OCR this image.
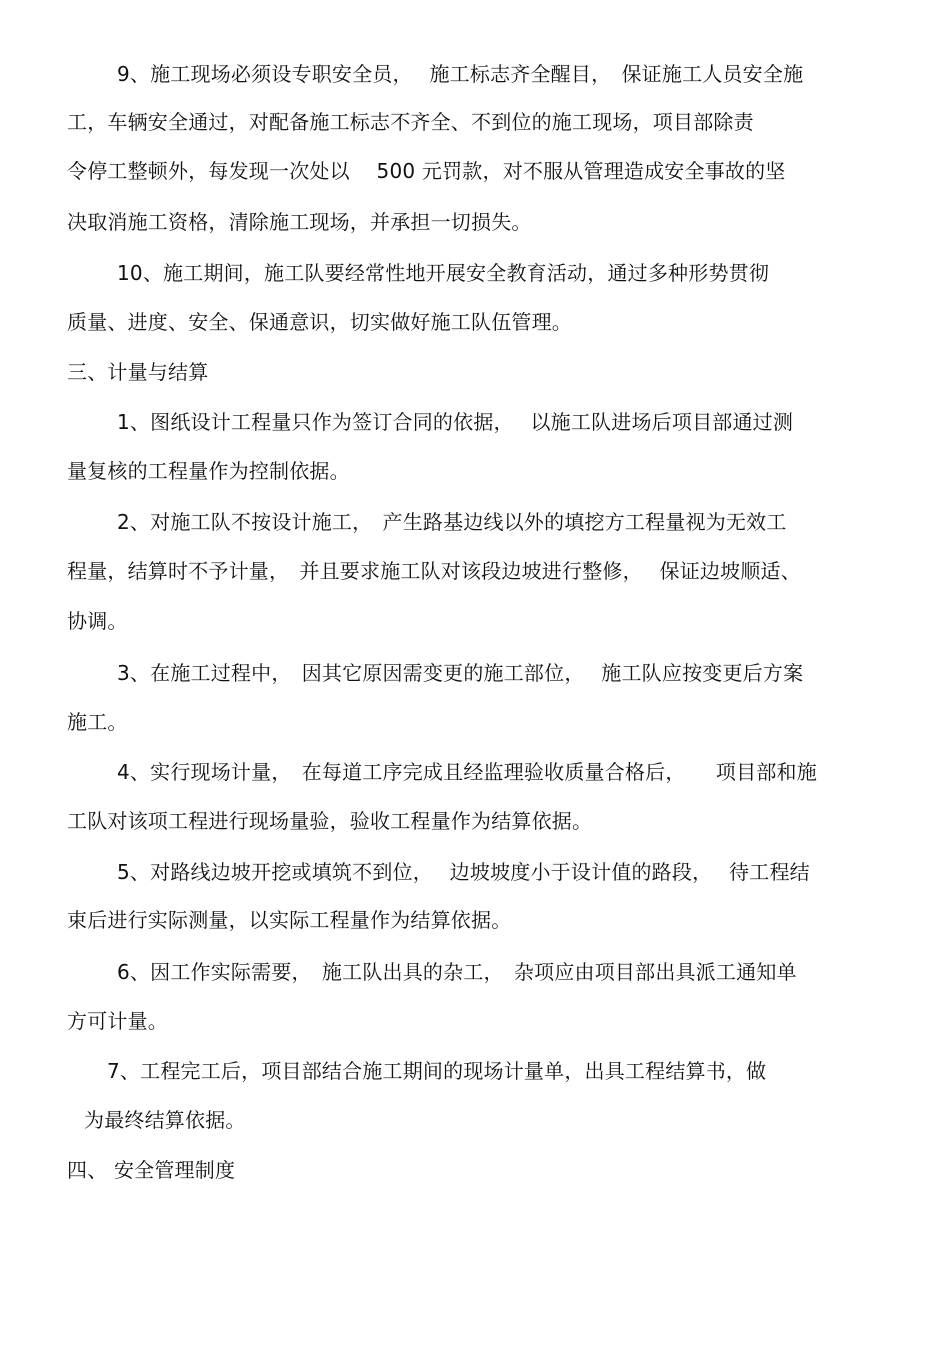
9、施工现场必须设专职安全员，　 施工标志齐全醒目，　保证施工人员安全施
工，车辆安全通过，对配备施工标志不齐全、不到位的施工现场，项目部除责
令停工整顿外，每发现一次处以　 500 元罚款，对不服从管理造成安全事故的坚
决取消施工资格，清除施工现场，并承担一切损失。
10、施工期间，施工队要经常性地开展安全教育活动，通过多种形势贯彻
质量、进度、安全、保通意识，切实做好施工队伍管理。
三、计量与结算
1、图纸设计工程量只作为签订合同的依据，　 以施工队进场后项目部通过测
量复核的工程量作为控制依据。
2、对施工队不按设计施工，　产生路基边线以外的填挖方工程量视为无效工
程量，结算时不予计量，　并且要求施工队对该段边坡进行整修，　 保证边坡顺适、
协调。
3、在施工过程中，　因其它原因需变更的施工部位，　 施工队应按变更后方案
施工。
4、实行现场计量，　在每道工序完成且经监理验收质量合格后，　　项目部和施
工队对该项工程进行现场量验，验收工程量作为结算依据。
5、对路线边坡开挖或填筑不到位，　 边坡坡度小于设计值的路段，　 待工程结
束后进行实际测量，以实际工程量作为结算依据。
6、因工作实际需要，　施工队出具的杂工，　杂项应由项目部出具派工通知单
方可计量。
7、工程完工后，项目部结合施工期间的现场计量单，出具工程结算书，做
为最终结算依据。
四、 安全管理制度
